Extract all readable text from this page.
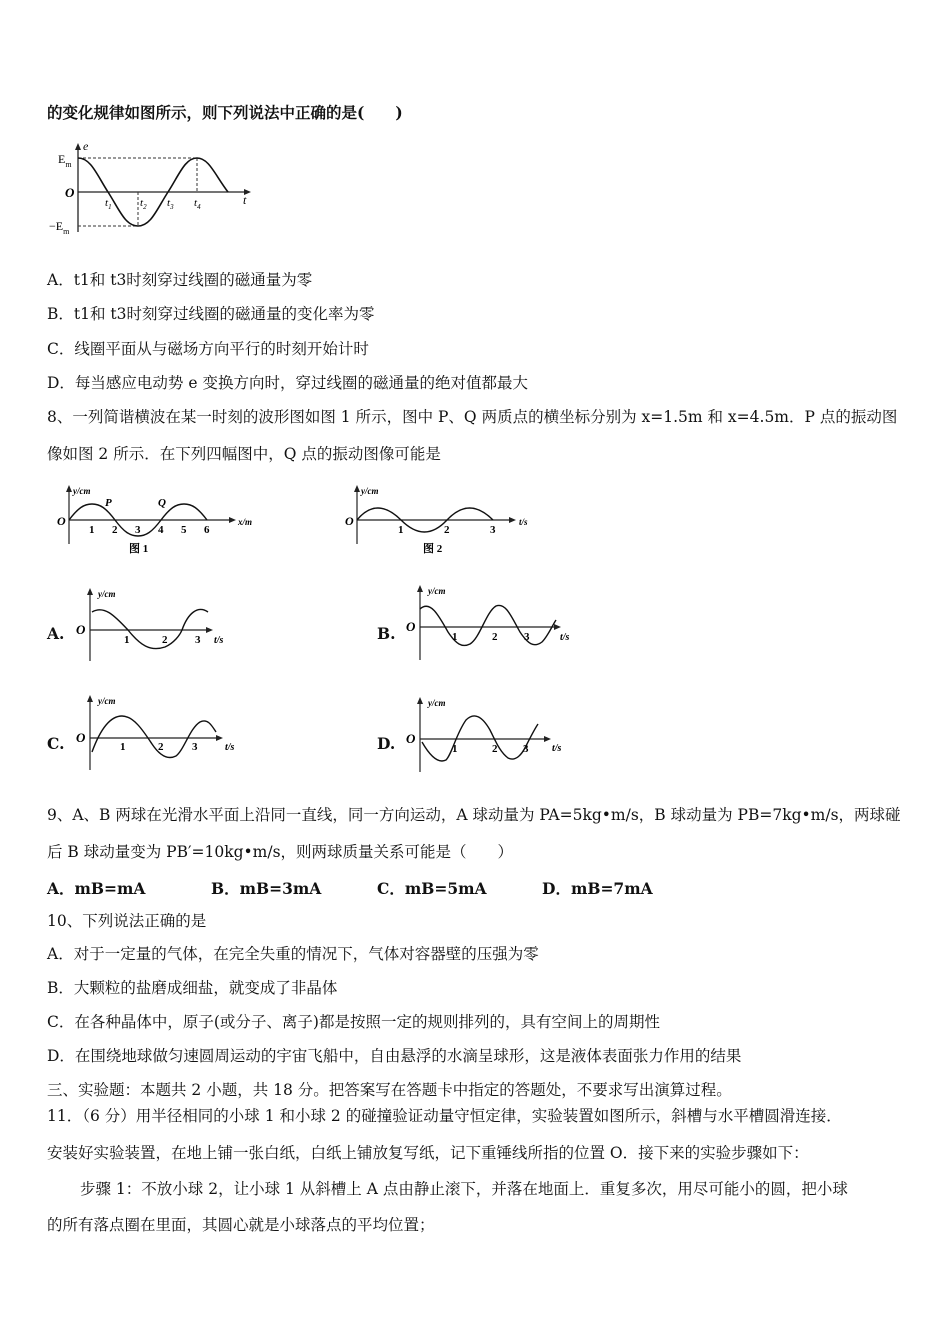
的变化规律如图所示，则下列说法中正确的是(　　)
e
$E_m$
O
$-E_m$
$t_1$	$t_2$ $t_3$ $t_4$	t
A．t1和 t3时刻穿过线圈的磁通量为零
B．t1和 t3时刻穿过线圈的磁通量的变化率为零
C．线圈平面从与磁场方向平行的时刻开始计时
D．每当感应电动势 e 变换方向时，穿过线圈的磁通量的绝对值都最大
8、一列简谐横波在某一时刻的波形图如图 1 所示，图中 P、Q 两质点的横坐标分别为 x=1.5m 和 x=4.5m．P 点的振动图
像如图 2 所示．在下列四幅图中，Q 点的振动图像可能是
y/cm
x/m
O
P	Q
1 2 3 4 5 6
图 1
y/cm
t/s
O
1	2	3
图 2
A.
y/cm
t/s
O
1	2	3	B.
y/cm
t/s
O
1	2 3
C.
y/cm
t/s
O
1	2	3	D.
y/cm
t/s
O
1	2 3
9、A、B 两球在光滑水平面上沿同一直线，同一方向运动，A 球动量为 PA=5kg•m/s，B 球动量为 PB=7kg•m/s，两球碰
后 B 球动量变为 PB′=10kg•m/s，则两球质量关系可能是（　　）
A．mB=mA	B．mB=3mA	C．mB=5mA	D．mB=7mA
10、下列说法正确的是
A．对于一定量的气体，在完全失重的情况下，气体对容器壁的压强为零
B．大颗粒的盐磨成细盐，就变成了非晶体
C．在各种晶体中，原子(或分子、离子)都是按照一定的规则排列的，具有空间上的周期性
D．在围绕地球做匀速圆周运动的宇宙飞船中，自由悬浮的水滴呈球形，这是液体表面张力作用的结果
三、实验题：本题共 2 小题，共 18 分。把答案写在答题卡中指定的答题处，不要求写出演算过程。
11．（6 分）用半径相同的小球 1 和小球 2 的碰撞验证动量守恒定律，实验装置如图所示，斜槽与水平槽圆滑连接．
安装好实验装置，在地上铺一张白纸，白纸上铺放复写纸，记下重锤线所指的位置 O．接下来的实验步骤如下：
步骤 1：不放小球 2，让小球 1 从斜槽上 A 点由静止滚下，并落在地面上．重复多次，用尽可能小的圆，把小球
的所有落点圈在里面，其圆心就是小球落点的平均位置；
